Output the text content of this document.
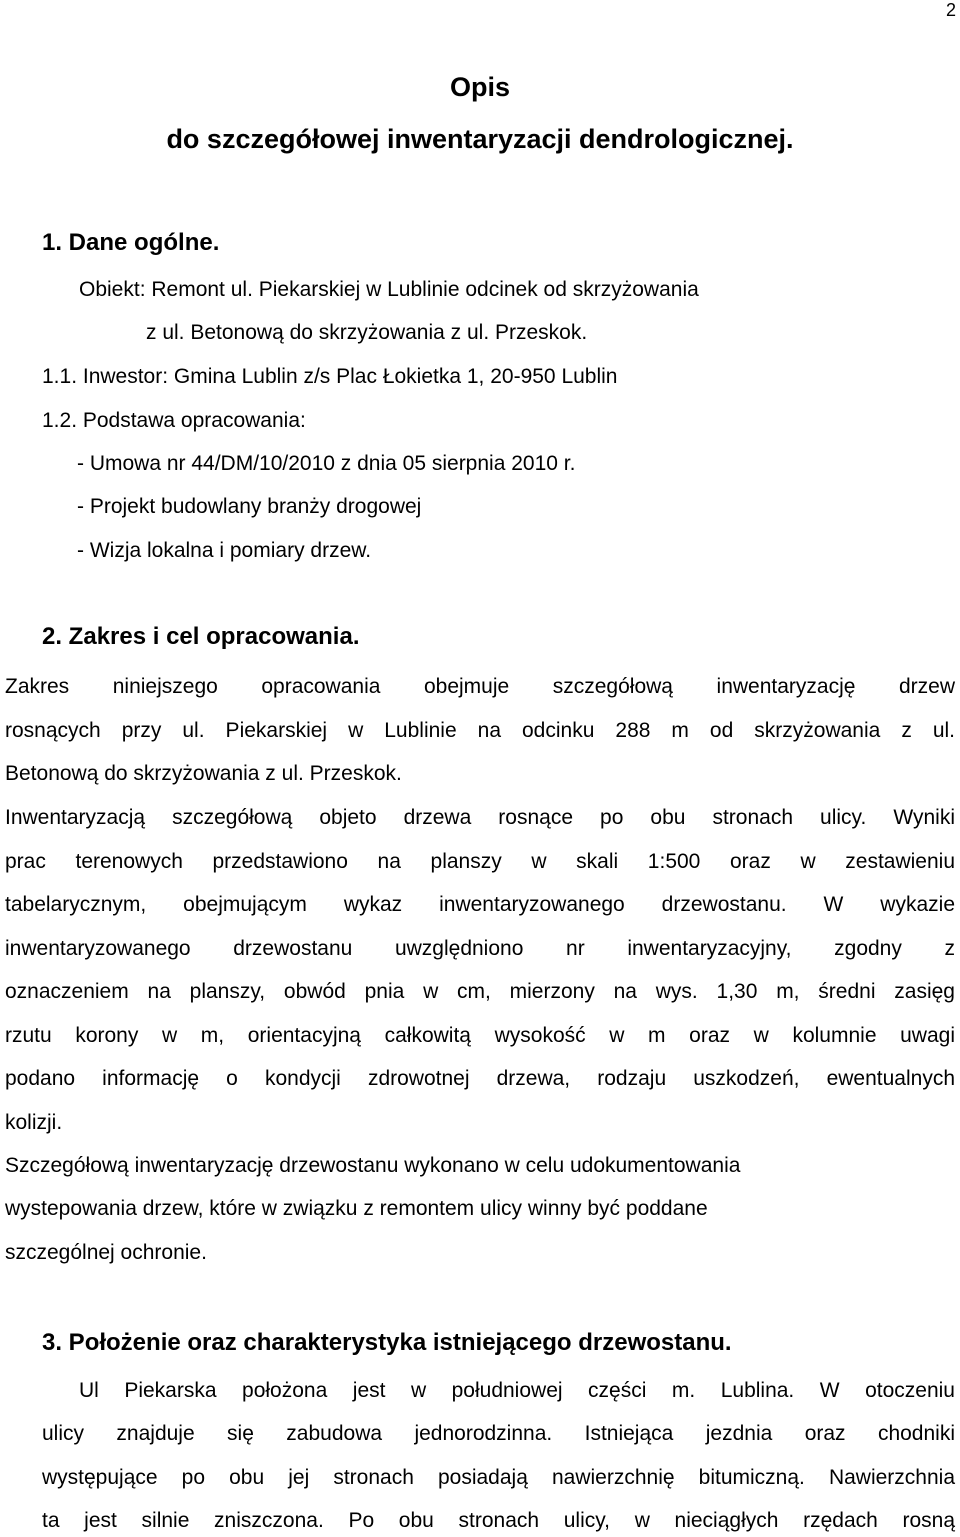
2
Opis
do szczegółowej inwentaryzacji dendrologicznej.
1. Dane ogólne.
Obiekt: Remont ul. Piekarskiej w Lublinie odcinek od skrzyżowania
z ul. Betonową do skrzyżowania z ul. Przeskok.
1.1. Inwestor: Gmina Lublin z/s Plac Łokietka 1, 20-950 Lublin
1.2. Podstawa opracowania:
- Umowa nr 44/DM/10/2010 z dnia 05 sierpnia 2010 r.
- Projekt budowlany branży drogowej
- Wizja lokalna i pomiary drzew.
2. Zakres i cel opracowania.
Zakres niniejszego opracowania obejmuje szczegółową inwentaryzację drzew
rosnących przy ul. Piekarskiej w Lublinie na odcinku 288 m od skrzyżowania z ul.
Betonową do skrzyżowania z ul. Przeskok.
Inwentaryzacją szczegółową objeto drzewa rosnące po obu stronach ulicy. Wyniki
prac terenowych przedstawiono na planszy w skali 1:500 oraz w zestawieniu
tabelarycznym, obejmującym wykaz inwentaryzowanego drzewostanu. W wykazie
inwentaryzowanego drzewostanu uwzględniono nr inwentaryzacyjny, zgodny z
oznaczeniem na planszy, obwód pnia w cm, mierzony na wys. 1,30 m, średni zasięg
rzutu korony w m, orientacyjną całkowitą wysokość w m oraz w kolumnie uwagi
podano informację o kondycji zdrowotnej drzewa, rodzaju uszkodzeń, ewentualnych
kolizji.
Szczegółową inwentaryzację drzewostanu wykonano w celu udokumentowania
wystepowania drzew, które w związku z remontem ulicy winny być poddane
szczególnej ochronie.
3. Położenie oraz charakterystyka istniejącego drzewostanu.
Ul Piekarska położona jest w południowej części m. Lublina. W otoczeniu
ulicy znajduje się zabudowa jednorodzinna. Istniejąca jezdnia oraz chodniki
występujące po obu jej stronach posiadają nawierzchnię bitumiczną. Nawierzchnia
ta jest silnie zniszczona. Po obu stronach ulicy, w nieciągłych rzędach rosną
